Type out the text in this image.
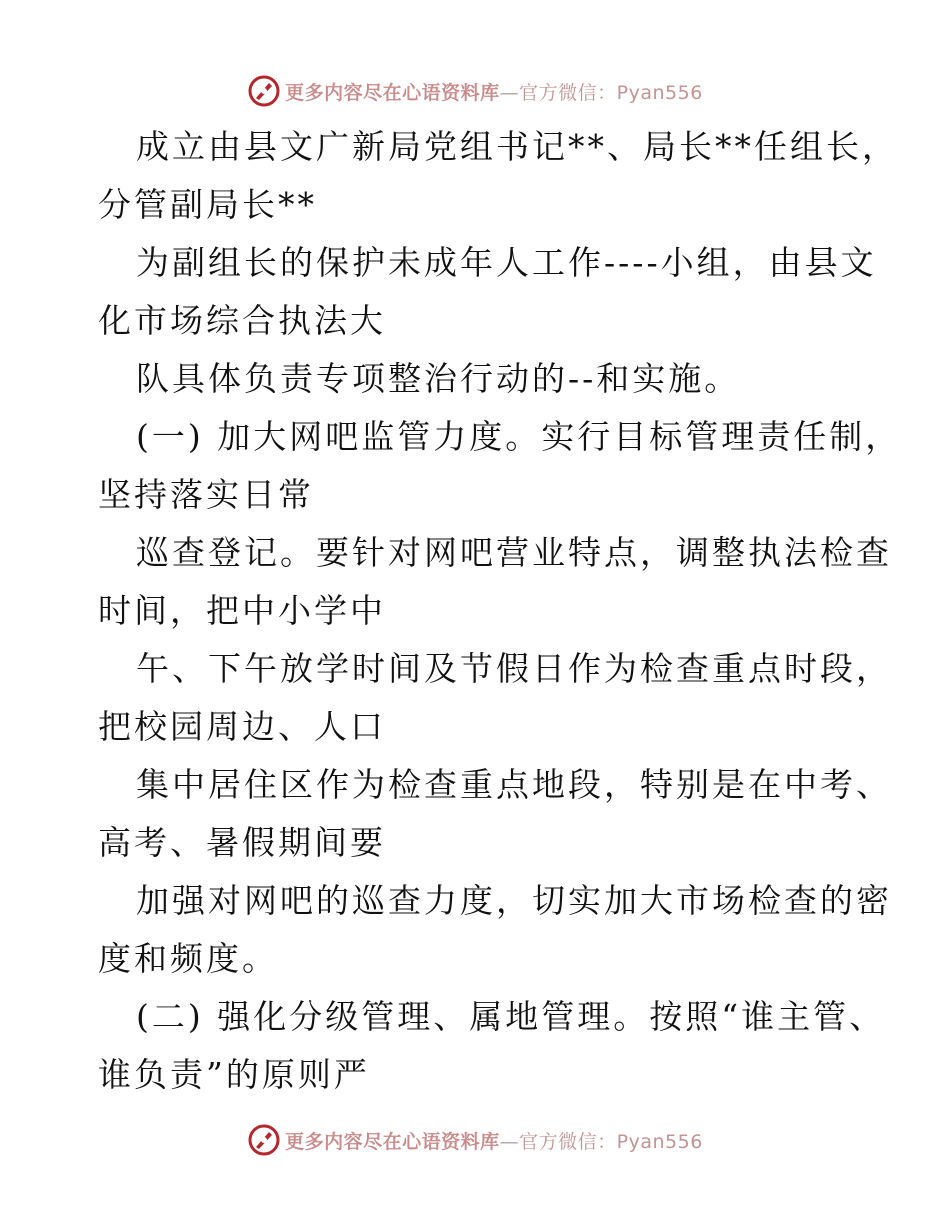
更多内容尽在心语资料库—官方微信：Pyan556
成立由县文广新局党组书记**、局长**任组长，
分管副局长**
为副组长的保护未成年人工作----小组，由县文
化市场综合执法大
队具体负责专项整治行动的--和实施。
(一) 加大网吧监管力度。实行目标管理责任制，
坚持落实日常
巡查登记。要针对网吧营业特点，调整执法检查
时间，把中小学中
午、下午放学时间及节假日作为检查重点时段，
把校园周边、人口
集中居住区作为检查重点地段，特别是在中考、
高考、暑假期间要
加强对网吧的巡查力度，切实加大市场检查的密
度和频度。
(二) 强化分级管理、属地管理。按照“谁主管、
谁负责”的原则严
更多内容尽在心语资料库—官方微信：Pyan556
